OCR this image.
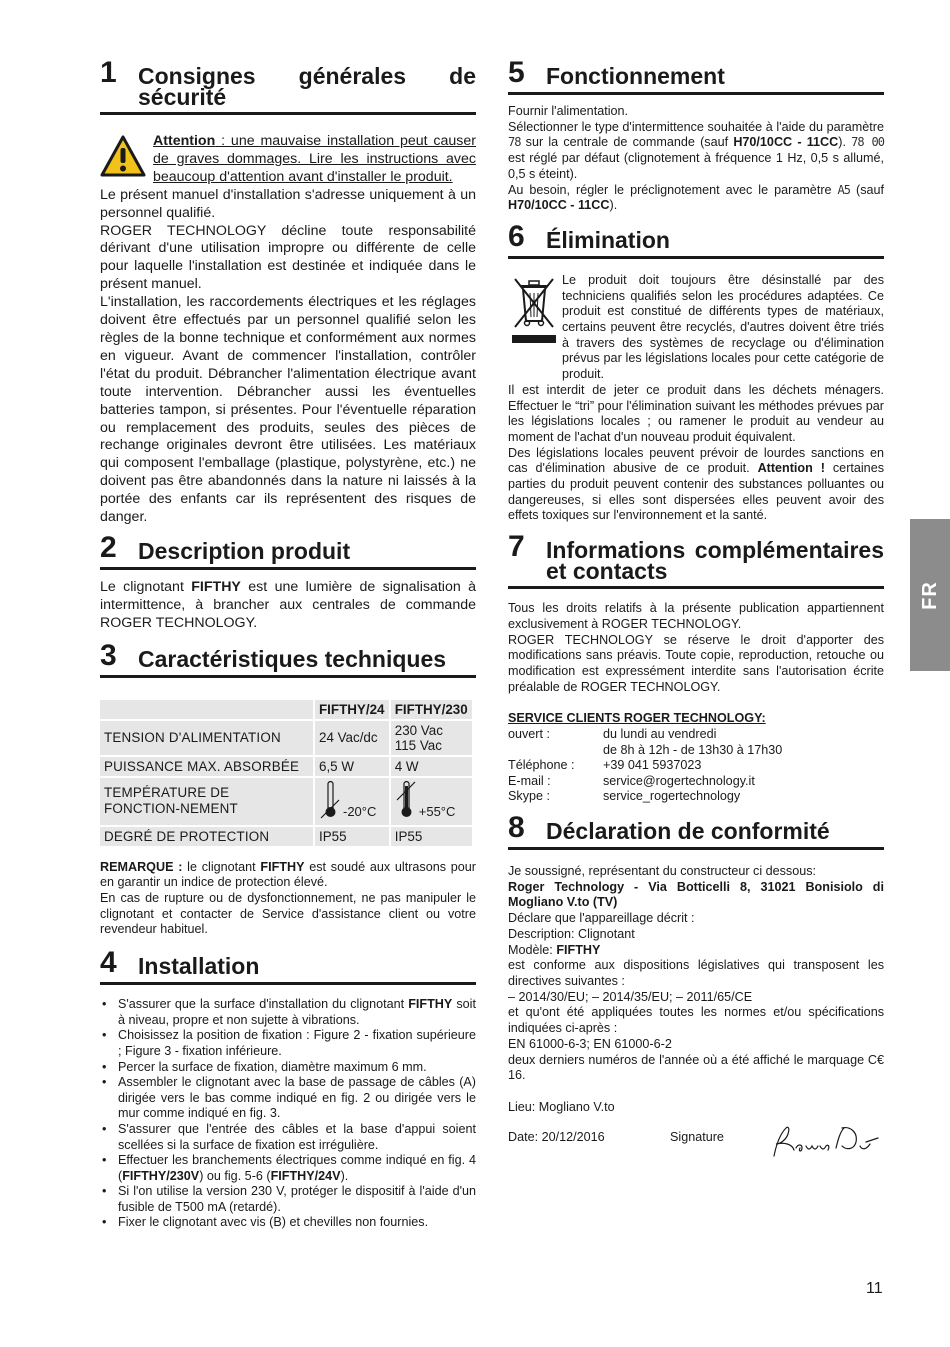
1 Consignes générales de sécurité

Attention : une mauvaise installation peut causer de graves dommages. Lire les instructions avec beaucoup d'attention avant d'installer le produit.

Le présent manuel d'installation s'adresse uniquement à un personnel qualifié.

ROGER TECHNOLOGY décline toute responsabilité dérivant d'une utilisation impropre ou différente de celle pour laquelle l'installation est destinée et indiquée dans le présent manuel.

L'installation, les raccordements électriques et les réglages doivent être effectués par un personnel qualifié selon les règles de la bonne technique et conformément aux normes en vigueur. Avant de commencer l'installation, contrôler l'état du produit. Débrancher l'alimentation électrique avant toute intervention. Débrancher aussi les éventuelles batteries tampon, si présentes. Pour l'éventuelle réparation ou remplacement des produits, seules des pièces de rechange originales devront être utilisées. Les matériaux qui composent l'emballage (plastique, polystyrène, etc.) ne doivent pas être abandonnés dans la nature ni laissés à la portée des enfants car ils représentent des risques de danger.

2 Description produit

Le clignotant FIFTHY est une lumière de signalisation à intermittence, à brancher aux centrales de commande ROGER TECHNOLOGY.

3 Caractéristiques techniques
	FIFTHY/24	FIFTHY/230
TENSION D'ALIMENTATION	24 Vac/dc	230 Vac
115 Vac

PUISSANCE MAX. ABSORBÉE	6,5 W	4 W
TEMPÉRATURE DE FONCTION-NEMENT	-20°C	+55°C

DEGRÉ DE PROTECTION	IP55	IP55

REMARQUE : le clignotant FIFTHY est soudé aux ultrasons pour en garantir un indice de protection élevé.

En cas de rupture ou de dysfonctionnement, ne pas manipuler le clignotant et contacter de Service d'assistance client ou votre revendeur habituel.

4 Installation
• S'assurer que la surface d'installation du clignotant FIFTHY soit à niveau, propre et non sujette à vibrations.
• Choisissez la position de fixation : Figure 2 - fixation supérieure ; Figure 3 - fixation inférieure.
• Percer la surface de fixation, diamètre maximum 6 mm.
• Assembler le clignotant avec la base de passage de câbles (A) dirigée vers le bas comme indiqué en fig. 2 ou dirigée vers le mur comme indiqué en fig. 3.
• S'assurer que l'entrée des câbles et la base d'appui soient scellées si la surface de fixation est irrégulière.
• Effectuer les branchements électriques comme indiqué en fig. 4 (FIFTHY/230V) ou fig. 5-6 (FIFTHY/24V).
• Si l'on utilise la version 230 V, protéger le dispositif à l'aide d'un fusible de T500 mA (retardé).
• Fixer le clignotant avec vis (B) et chevilles non fournies.
5 Fonctionnement

Fournir l'alimentation.

Sélectionner le type d'intermittence souhaitée à l'aide du paramètre 78 sur la centrale de commande (sauf H70/10CC - 11CC). 78 00 est réglé par défaut (clignotement à fréquence 1 Hz, 0,5 s allumé, 0,5 s éteint).

Au besoin, régler le préclignotement avec le paramètre A5 (sauf H70/10CC - 11CC).

6 Élimination

Le produit doit toujours être désinstallé par des techniciens qualifiés selon les procédures adaptées. Ce produit est constitué de différents types de matériaux, certains peuvent être recyclés, d'autres doivent être triés à travers des systèmes de recyclage ou d'élimination prévus par les législations locales pour cette catégorie de produit.

Il est interdit de jeter ce produit dans les déchets ménagers. Effectuer le “tri” pour l'élimination suivant les méthodes prévues par les législations locales ; ou ramener le produit au vendeur au moment de l'achat d'un nouveau produit équivalent.

Des législations locales peuvent prévoir de lourdes sanctions en cas d'élimination abusive de ce produit. Attention ! certaines parties du produit peuvent contenir des substances polluantes ou dangereuses, si elles sont dispersées elles peuvent avoir des effets toxiques sur l'environnement et la santé.

7 Informations complémentaires et contacts

Tous les droits relatifs à la présente publication appartiennent exclusivement à ROGER TECHNOLOGY.

ROGER TECHNOLOGY se réserve le droit d'apporter des modifications sans préavis. Toute copie, reproduction, retouche ou modification est expressément interdite sans l'autorisation écrite préalable de ROGER TECHNOLOGY.

SERVICE CLIENTS ROGER TECHNOLOGY:

ouvert :	du lundi au vendredi
de 8h à 12h - de 13h30 à 17h30
Téléphone :	+39 041 5937023
E-mail :	service@rogertechnology.it
Skype :	service_rogertechnology
8 Déclaration de conformité

Je soussigné, représentant du constructeur ci dessous:

Roger Technology - Via Botticelli 8, 31021 Bonisiolo di Mogliano V.to (TV)

Déclare que l'appareillage décrit :

Description: Clignotant

Modèle: FIFTHY

est conforme aux dispositions législatives qui transposent les directives suivantes :

– 2014/30/EU; – 2014/35/EU; – 2011/65/CE

et qu'ont été appliquées toutes les normes et/ou spécifications indiquées ci-après :

EN 61000-6-3; EN 61000-6-2

deux derniers numéros de l'année où a été affiché le marquage C€ 16.

Lieu: Mogliano V.to

Date: 20/12/2016	Signature
FR
11
